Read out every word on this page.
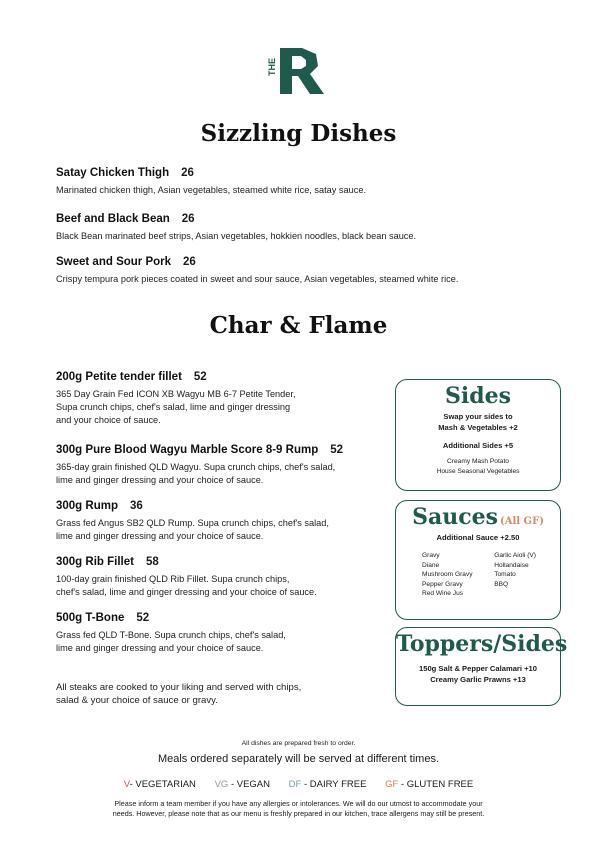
THE
Sizzling Dishes
Satay Chicken Thigh 26
Marinated chicken thigh, Asian vegetables, steamed white rice, satay sauce.
Beef and Black Bean 26
Black Bean marinated beef strips, Asian vegetables, hokkien noodles, black bean sauce.
Sweet and Sour Pork 26
Crispy tempura pork pieces coated in sweet and sour sauce, Asian vegetables, steamed white rice.
Char & Flame
200g Petite tender fillet 52
365 Day Grain Fed ICON XB Wagyu MB 6-7 Petite Tender,
Supa crunch chips, chef's salad, lime and ginger dressing
and your choice of sauce.
300g Pure Blood Wagyu Marble Score 8-9 Rump 52
365-day grain finished QLD Wagyu. Supa crunch chips, chef's salad,
lime and ginger dressing and your choice of sauce.
300g Rump 36
Grass fed Angus SB2 QLD Rump. Supa crunch chips, chef's salad,
lime and ginger dressing and your choice of sauce.
300g Rib Fillet 58
100-day grain finished QLD Rib Fillet. Supa crunch chips,
chef's salad, lime and ginger dressing and your choice of sauce.
500g T-Bone 52
Grass fed QLD T-Bone. Supa crunch chips, chef's salad,
lime and ginger dressing and your choice of sauce.
All steaks are cooked to your liking and served with chips,
salad & your choice of sauce or gravy.
Sides
Swap your sides to
Mash & Vegetables +2
Additional Sides +5
Creamy Mash Potato
House Seasonal Vegetables
Sauces (All GF)
Additional Sauce +2.50
Gravy
Diane
Mushroom Gravy
Pepper Gravy
Red Wine Jus
Garlic Aioli (V)
Hollandaise
Tomato
BBQ
Toppers/Sides
150g Salt & Pepper Calamari +10
Creamy Garlic Prawns +13
All dishes are prepared fresh to order.
Meals ordered separately will be served at different times.
V- VEGETARIAN VG - VEGAN DF - DAIRY FREE GF - GLUTEN FREE
Please inform a team member if you have any allergies or intolerances. We will do our utmost to accommodate your
needs. However, please note that as our menu is freshly prepared in our kitchen, trace allergens may still be present.
